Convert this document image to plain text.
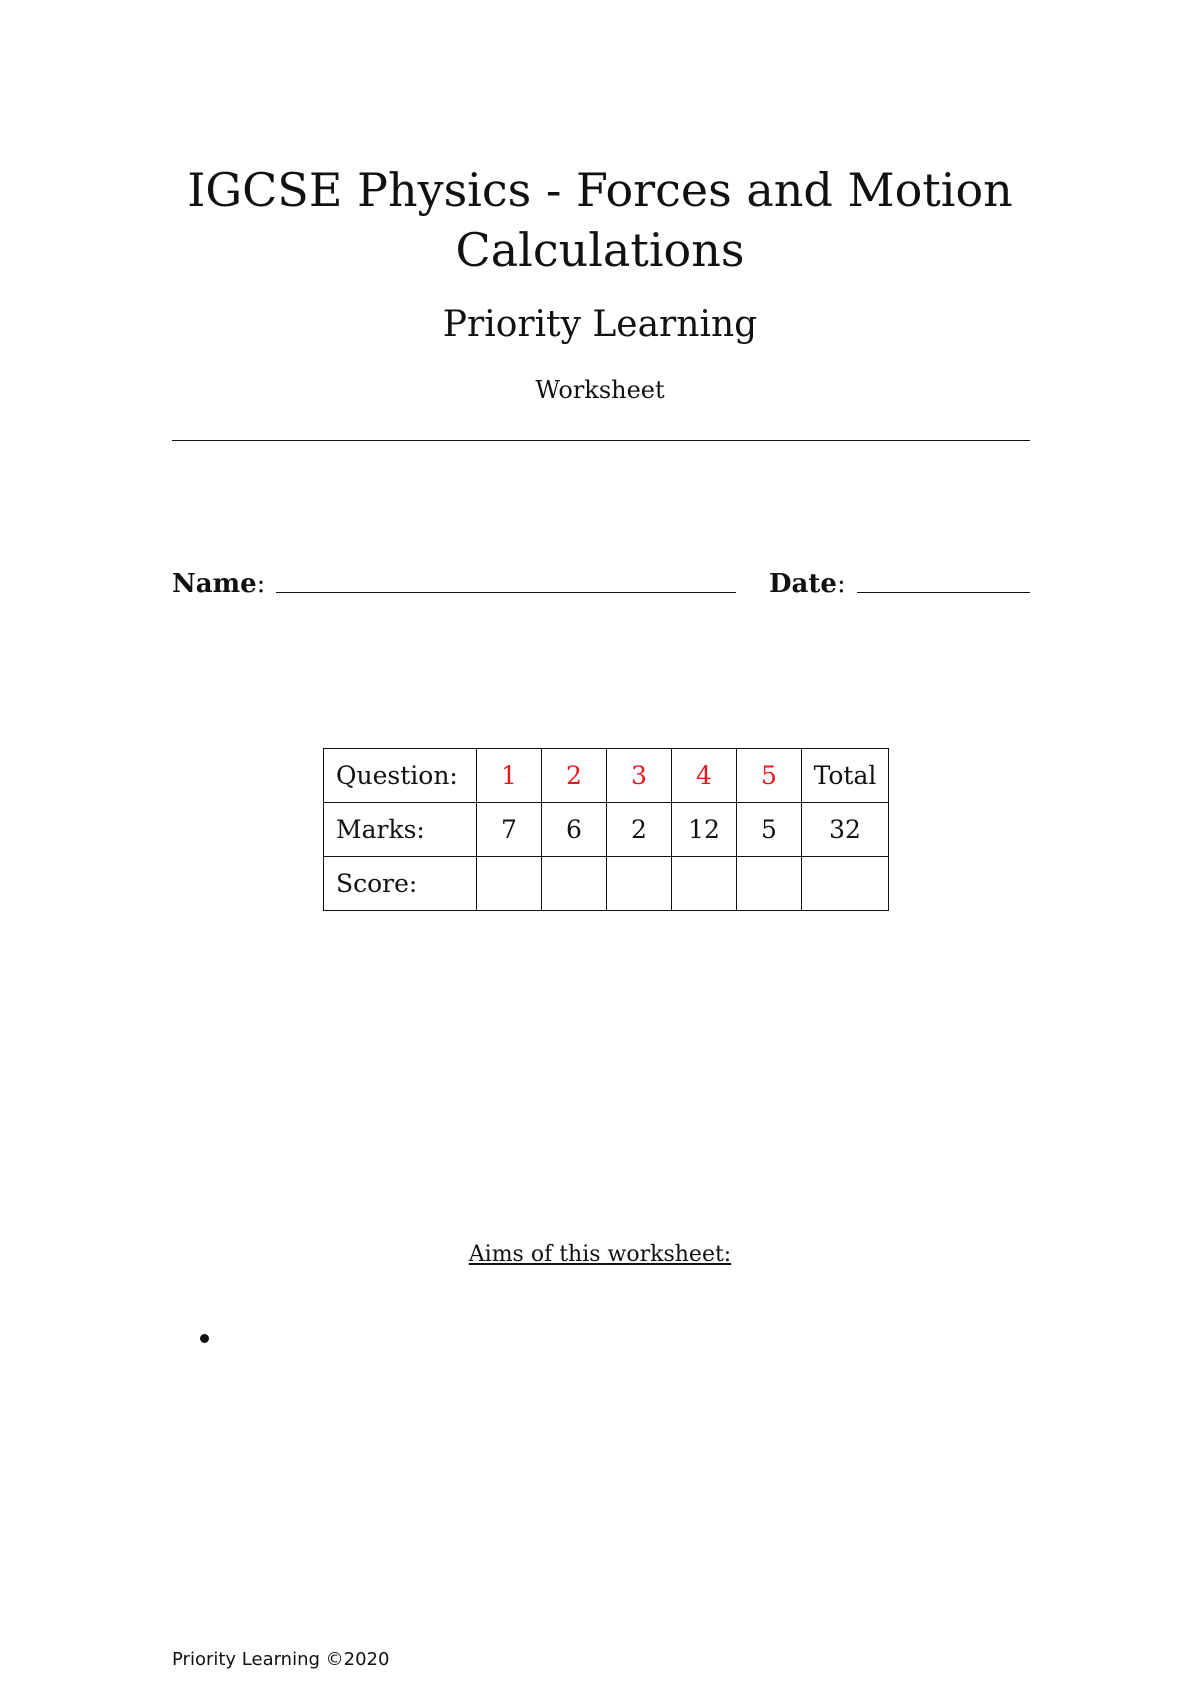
IGCSE Physics - Forces and Motion
Calculations
Priority Learning
Worksheet
Name:	Date:
Question:	1	2	3	4	5	Total
Marks:	7	6	2	12	5	32
Score:						
Aims of this worksheet:
Priority Learning ©2020
